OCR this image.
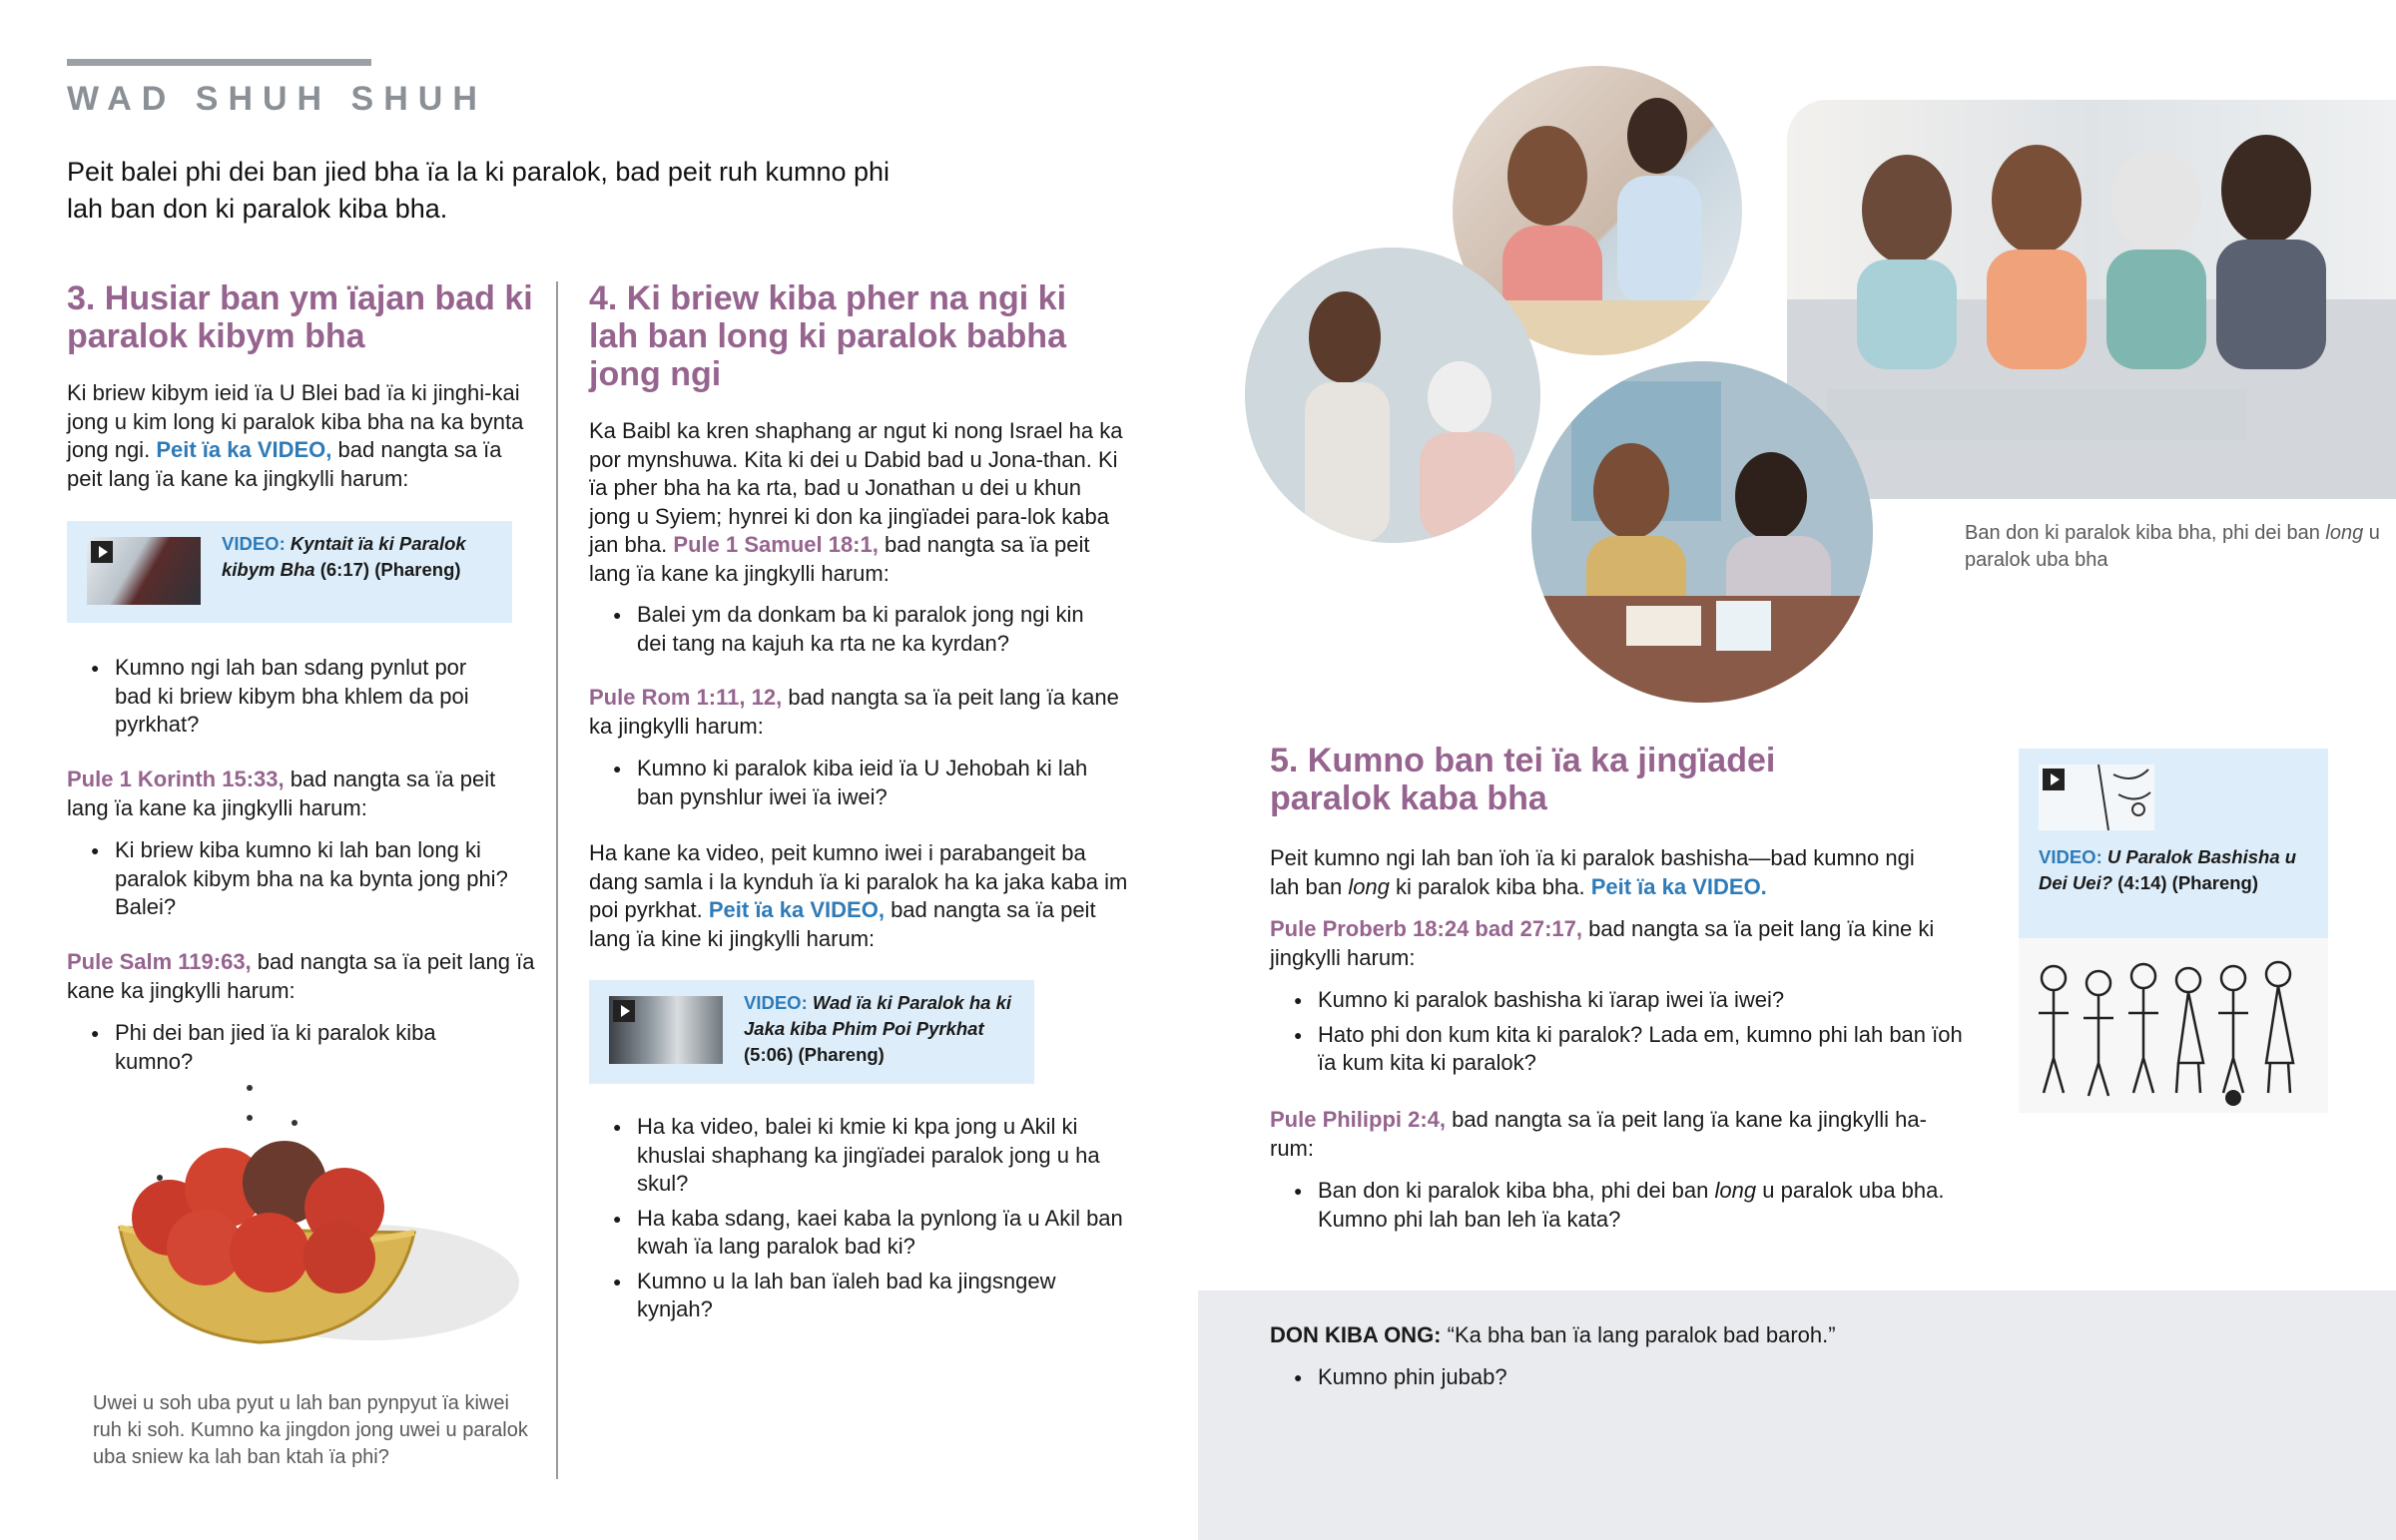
WAD SHUH SHUH

Peit balei phi dei ban jied bha ïa la ki paralok, bad peit ruh kumno phi lah ban don ki paralok kiba bha.

3. Husiar ban ym ïajan bad ki paralok kibym bha

Ki briew kibym ieid ïa U Blei bad ïa ki jinghi-kai jong u kim long ki paralok kiba bha na ka bynta jong ngi. Peit ïa ka VIDEO, bad nangta sa ïa peit lang ïa kane ka jingkylli harum:

VIDEO: Kyntait ïa ki Paralok kibym Bha (6:17) (Phareng)
● Kumno ngi lah ban sdang pynlut por bad ki briew kibym bha khlem da poi pyrkhat?

Pule 1 Korinth 15:33, bad nangta sa ïa peit lang ïa kane ka jingkylli harum:

● Ki briew kiba kumno ki lah ban long ki paralok kibym bha na ka bynta jong phi? Balei?

Pule Salm 119:63, bad nangta sa ïa peit lang ïa kane ka jingkylli harum:

● Phi dei ban jied ïa ki paralok kiba kumno?

Uwei u soh uba pyut u lah ban pynpyut ïa kiwei ruh ki soh. Kumno ka jingdon jong uwei u paralok uba sniew ka lah ban ktah ïa phi?

4. Ki briew kiba pher na ngi ki lah ban long ki paralok babha jong ngi

Ka Baibl ka kren shaphang ar ngut ki nong Israel ha ka por mynshuwa. Kita ki dei u Dabid bad u Jona-than. Ki ïa pher bha ha ka rta, bad u Jonathan u dei u khun jong u Syiem; hynrei ki don ka jingïadei para-lok kaba jan bha. Pule 1 Samuel 18:1, bad nangta sa ïa peit lang ïa kane ka jingkylli harum:

● Balei ym da donkam ba ki paralok jong ngi kin dei tang na kajuh ka rta ne ka kyrdan?

Pule Rom 1:11, 12, bad nangta sa ïa peit lang ïa kane ka jingkylli harum:

● Kumno ki paralok kiba ieid ïa U Jehobah ki lah ban pynshlur iwei ïa iwei?

Ha kane ka video, peit kumno iwei i parabangeit ba dang samla i la kynduh ïa ki paralok ha ka jaka kaba im poi pyrkhat. Peit ïa ka VIDEO, bad nangta sa ïa peit lang ïa kine ki jingkylli harum:

VIDEO: Wad ïa ki Paralok ha ki Jaka kiba Phim Poi Pyrkhat (5:06) (Phareng)
● Ha ka video, balei ki kmie ki kpa jong u Akil ki khuslai shaphang ka jingïadei paralok jong u ha skul?
● Ha kaba sdang, kaei kaba la pynlong ïa u Akil ban kwah ïa lang paralok bad ki?
● Kumno u la lah ban ïaleh bad ka jingsngew kynjah?

Ban don ki paralok kiba bha, phi dei ban long u paralok uba bha

5. Kumno ban tei ïa ka jingïadei paralok kaba bha

Peit kumno ngi lah ban ïoh ïa ki paralok bashisha—bad kumno ngi lah ban long ki paralok kiba bha. Peit ïa ka VIDEO.

Pule Proberb 18:24 bad 27:17, bad nangta sa ïa peit lang ïa kine ki jingkylli harum:

● Kumno ki paralok bashisha ki ïarap iwei ïa iwei?
● Hato phi don kum kita ki paralok? Lada em, kumno phi lah ban ïoh ïa kum kita ki paralok?

Pule Philippi 2:4, bad nangta sa ïa peit lang ïa kane ka jingkylli ha-rum:

● Ban don ki paralok kiba bha, phi dei ban long u paralok uba bha. Kumno phi lah ban leh ïa kata?
VIDEO: U Paralok Bashisha u Dei Uei? (4:14) (Phareng)

DON KIBA ONG: “Ka bha ban ïa lang paralok bad baroh.”

● Kumno phin jubab?
